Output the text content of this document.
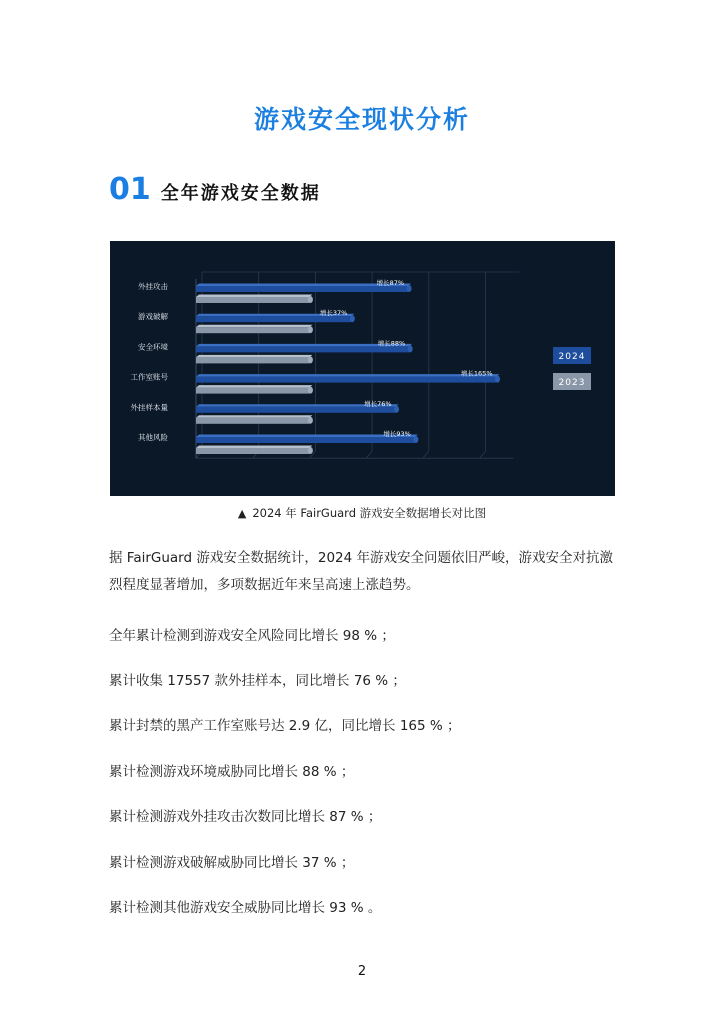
游戏安全现状分析
01 全年游戏安全数据
外挂攻击	增长87%
游戏破解	增长37%
安全环境	增长88%
工作室账号	增长165%
外挂样本量	增长76%
其他风险	增长93%
2024
2023
▲ 2024 年 FairGuard 游戏安全数据增长对比图

据 FairGuard 游戏安全数据统计，2024 年游戏安全问题依旧严峻，游戏安全对抗激烈程度显著增加，多项数据近年来呈高速上涨趋势。

全年累计检测到游戏安全风险同比增长 98 % ；

累计收集 17557 款外挂样本，同比增长 76 % ；

累计封禁的黑产工作室账号达 2.9 亿，同比增长 165 % ；

累计检测游戏环境威胁同比增长 88 % ；

累计检测游戏外挂攻击次数同比增长 87 % ；

累计检测游戏破解威胁同比增长 37 % ；

累计检测其他游戏安全威胁同比增长 93 % 。

2
